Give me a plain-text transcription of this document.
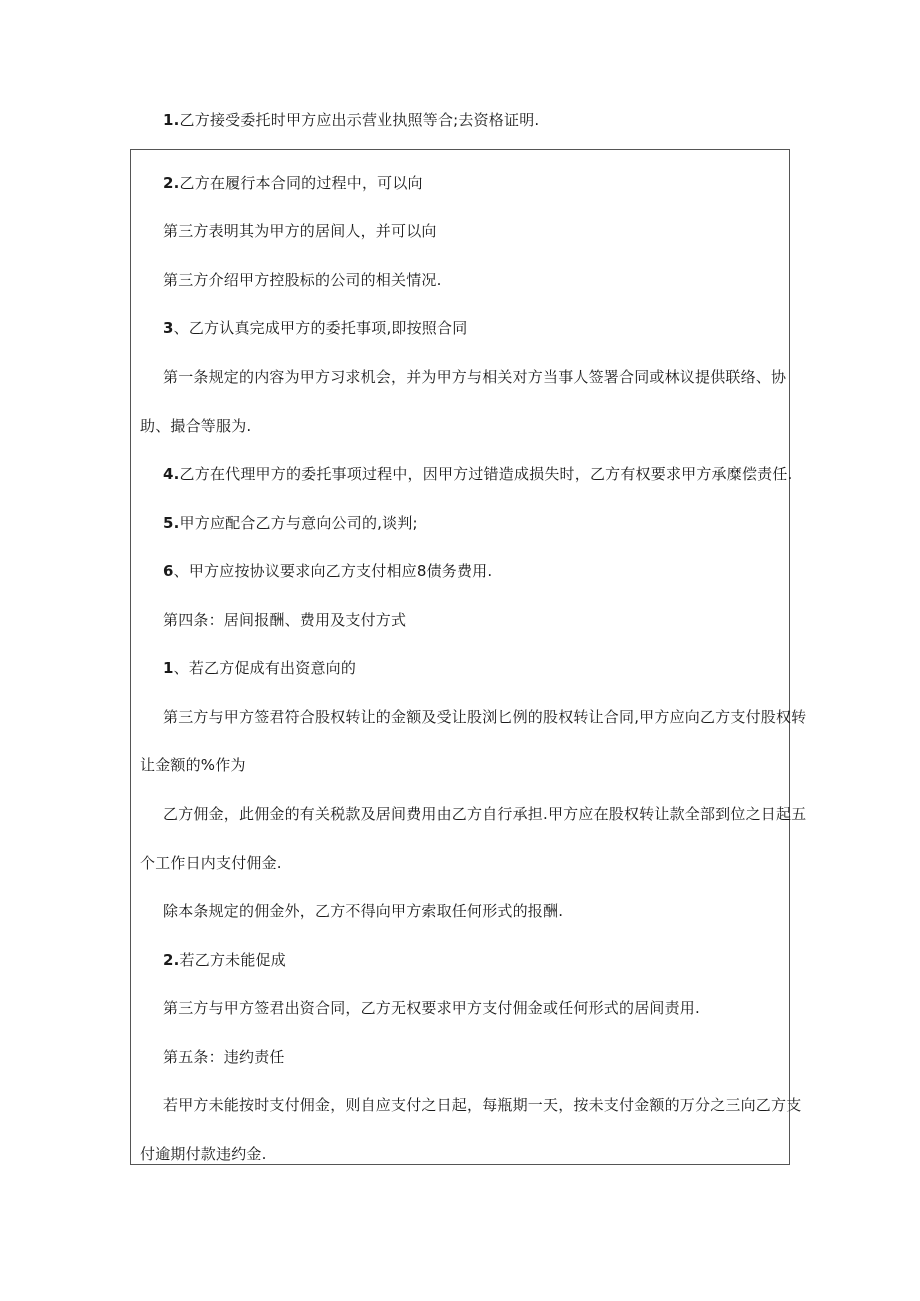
1.乙方接受委托时甲方应出示营业执照等合;去资格证明.
2.乙方在履行本合同的过程中，可以向
第三方表明其为甲方的居间人，并可以向
第三方介绍甲方控股标的公司的相关情况.
3、乙方认真完成甲方的委托事项,即按照合同
第一条规定的内容为甲方习求机会，并为甲方与相关对方当事人签署合同或林议提供联络、协
助、撮合等服为.
4.乙方在代理甲方的委托事项过程中，因甲方过错造成损失时，乙方有权要求甲方承糜偿责任.
5.甲方应配合乙方与意向公司的,谈判;
6、甲方应按协议要求向乙方支付相应8债务费用.
第四条：居间报酬、费用及支付方式
1、若乙方促成有出资意向的
第三方与甲方签君符合股权转让的金额及受让股浏匕例的股权转让合同,甲方应向乙方支付股权转
让金额的%作为
乙方佣金，此佣金的有关税款及居间费用由乙方自行承担.甲方应在股权转让款全部到位之日起五
个工作日内支付佣金.
除本条规定的佣金外，乙方不得向甲方索取任何形式的报酬.
2.若乙方未能促成
第三方与甲方签君出资合同，乙方无权要求甲方支付佣金或任何形式的居间责用.
第五条：违约责任
若甲方未能按时支付佣金，则自应支付之日起，每瓶期一天，按未支付金额的万分之三向乙方支
付逾期付款违约金.
